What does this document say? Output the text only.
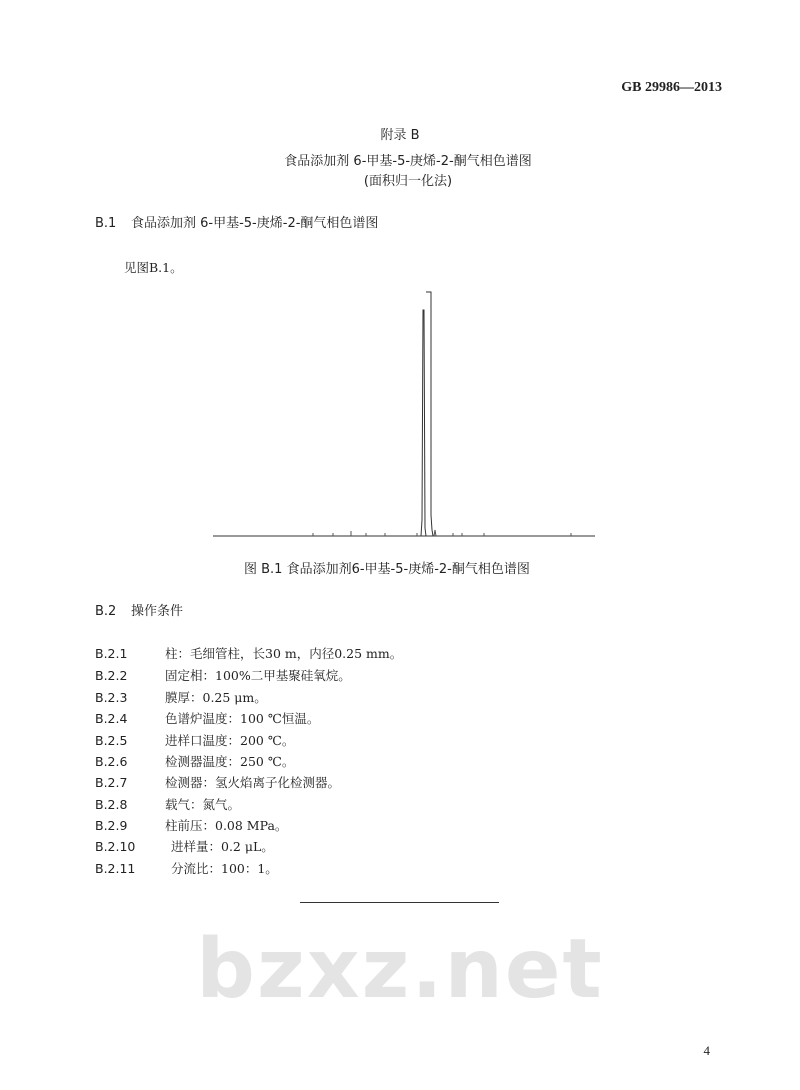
GB 29986—2013
附录 B
食品添加剂 6-甲基-5-庚烯-2-酮气相色谱图
(面积归一化法)
B.1 食品添加剂 6-甲基-5-庚烯-2-酮气相色谱图
见图B.1。
图 B.1 食品添加剂6-甲基-5-庚烯-2-酮气相色谱图
B.2 操作条件
B.2.1	柱：毛细管柱，长30 m，内径0.25 mm。
B.2.2	固定相：100%二甲基聚硅氧烷。
B.2.3	膜厚：0.25 μm。
B.2.4	色谱炉温度：100 ℃恒温。
B.2.5	进样口温度：200 ℃。
B.2.6	检测器温度：250 ℃。
B.2.7	检测器：氢火焰离子化检测器。
B.2.8	载气：氮气。
B.2.9	柱前压：0.08 MPa。
B.2.10	进样量：0.2 μL。
B.2.11	分流比：100：1。
bzxz.net
4
